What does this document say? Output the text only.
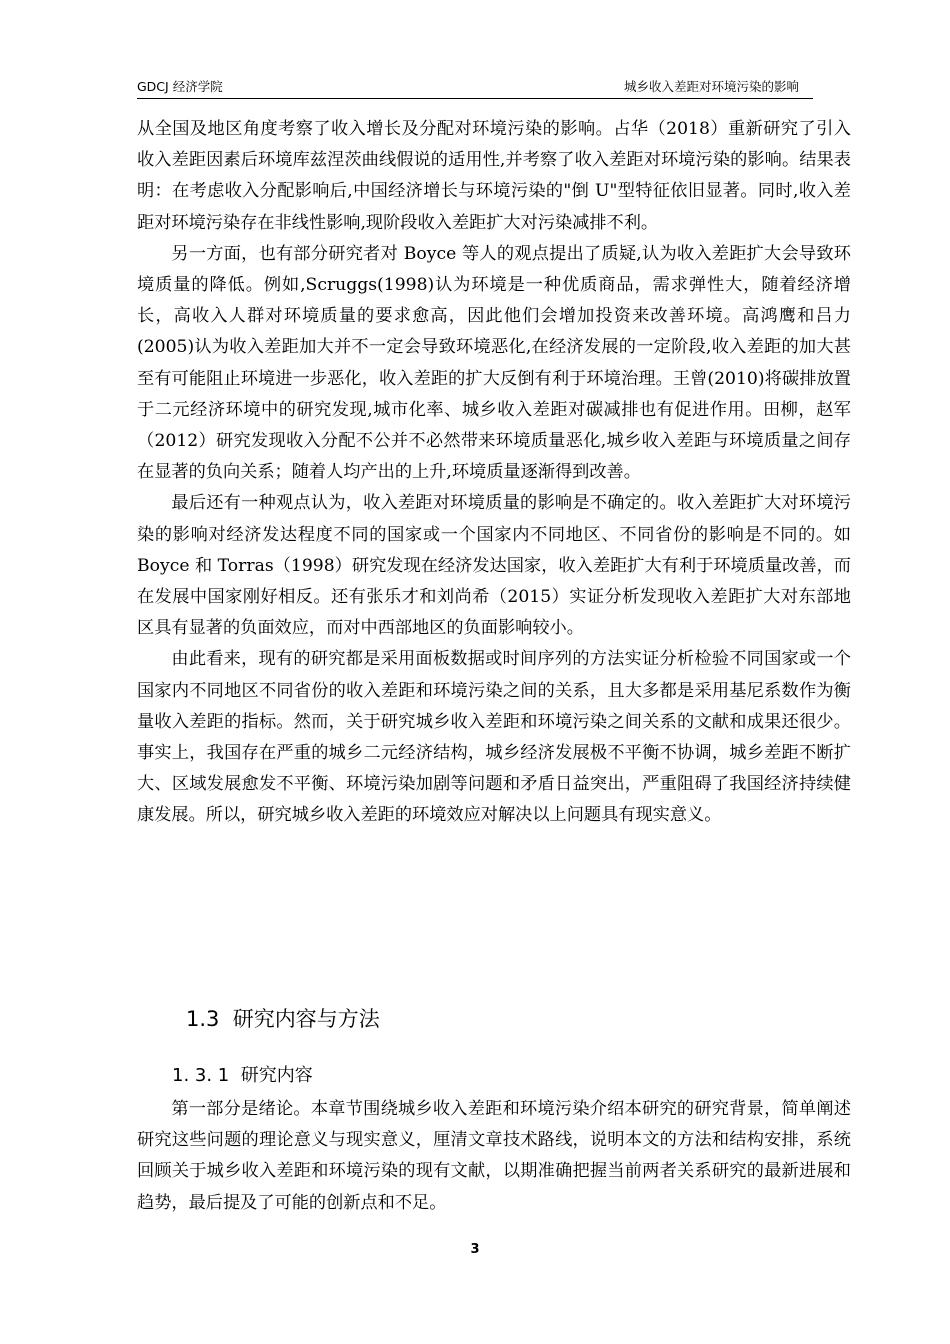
GDCJ 经济学院	城乡收入差距对环境污染的影响

从全国及地区角度考察了收入增长及分配对环境污染的影响。占华（2018）重新研究了引入收入差距因素后环境库兹涅茨曲线假说的适用性,并考察了收入差距对环境污染的影响。结果表明：在考虑收入分配影响后,中国经济增长与环境污染的"倒 U"型特征依旧显著。同时,收入差距对环境污染存在非线性影响,现阶段收入差距扩大对污染减排不利。

另一方面，也有部分研究者对 Boyce 等人的观点提出了质疑,认为收入差距扩大会导致环境质量的降低。例如,Scruggs(1998)认为环境是一种优质商品，需求弹性大，随着经济增长，高收入人群对环境质量的要求愈高，因此他们会增加投资来改善环境。高鸿鹰和吕力(2005)认为收入差距加大并不一定会导致环境恶化,在经济发展的一定阶段,收入差距的加大甚至有可能阻止环境进一步恶化，收入差距的扩大反倒有利于环境治理。王曾(2010)将碳排放置于二元经济环境中的研究发现,城市化率、城乡收入差距对碳减排也有促进作用。田柳，赵军（2012）研究发现收入分配不公并不必然带来环境质量恶化,城乡收入差距与环境质量之间存在显著的负向关系；随着人均产出的上升,环境质量逐渐得到改善。

最后还有一种观点认为，收入差距对环境质量的影响是不确定的。收入差距扩大对环境污染的影响对经济发达程度不同的国家或一个国家内不同地区、不同省份的影响是不同的。如 Boyce 和 Torras（1998）研究发现在经济发达国家，收入差距扩大有利于环境质量改善，而在发展中国家刚好相反。还有张乐才和刘尚希（2015）实证分析发现收入差距扩大对东部地区具有显著的负面效应，而对中西部地区的负面影响较小。

由此看来，现有的研究都是采用面板数据或时间序列的方法实证分析检验不同国家或一个国家内不同地区不同省份的收入差距和环境污染之间的关系，且大多都是采用基尼系数作为衡量收入差距的指标。然而，关于研究城乡收入差距和环境污染之间关系的文献和成果还很少。事实上，我国存在严重的城乡二元经济结构，城乡经济发展极不平衡不协调，城乡差距不断扩大、区域发展愈发不平衡、环境污染加剧等问题和矛盾日益突出，严重阻碍了我国经济持续健康发展。所以，研究城乡收入差距的环境效应对解决以上问题具有现实意义。

1.3 研究内容与方法
1. 3. 1 研究内容

第一部分是绪论。本章节围绕城乡收入差距和环境污染介绍本研究的研究背景，简单阐述研究这些问题的理论意义与现实意义，厘清文章技术路线，说明本文的方法和结构安排，系统回顾关于城乡收入差距和环境污染的现有文献，以期准确把握当前两者关系研究的最新进展和趋势，最后提及了可能的创新点和不足。

3
